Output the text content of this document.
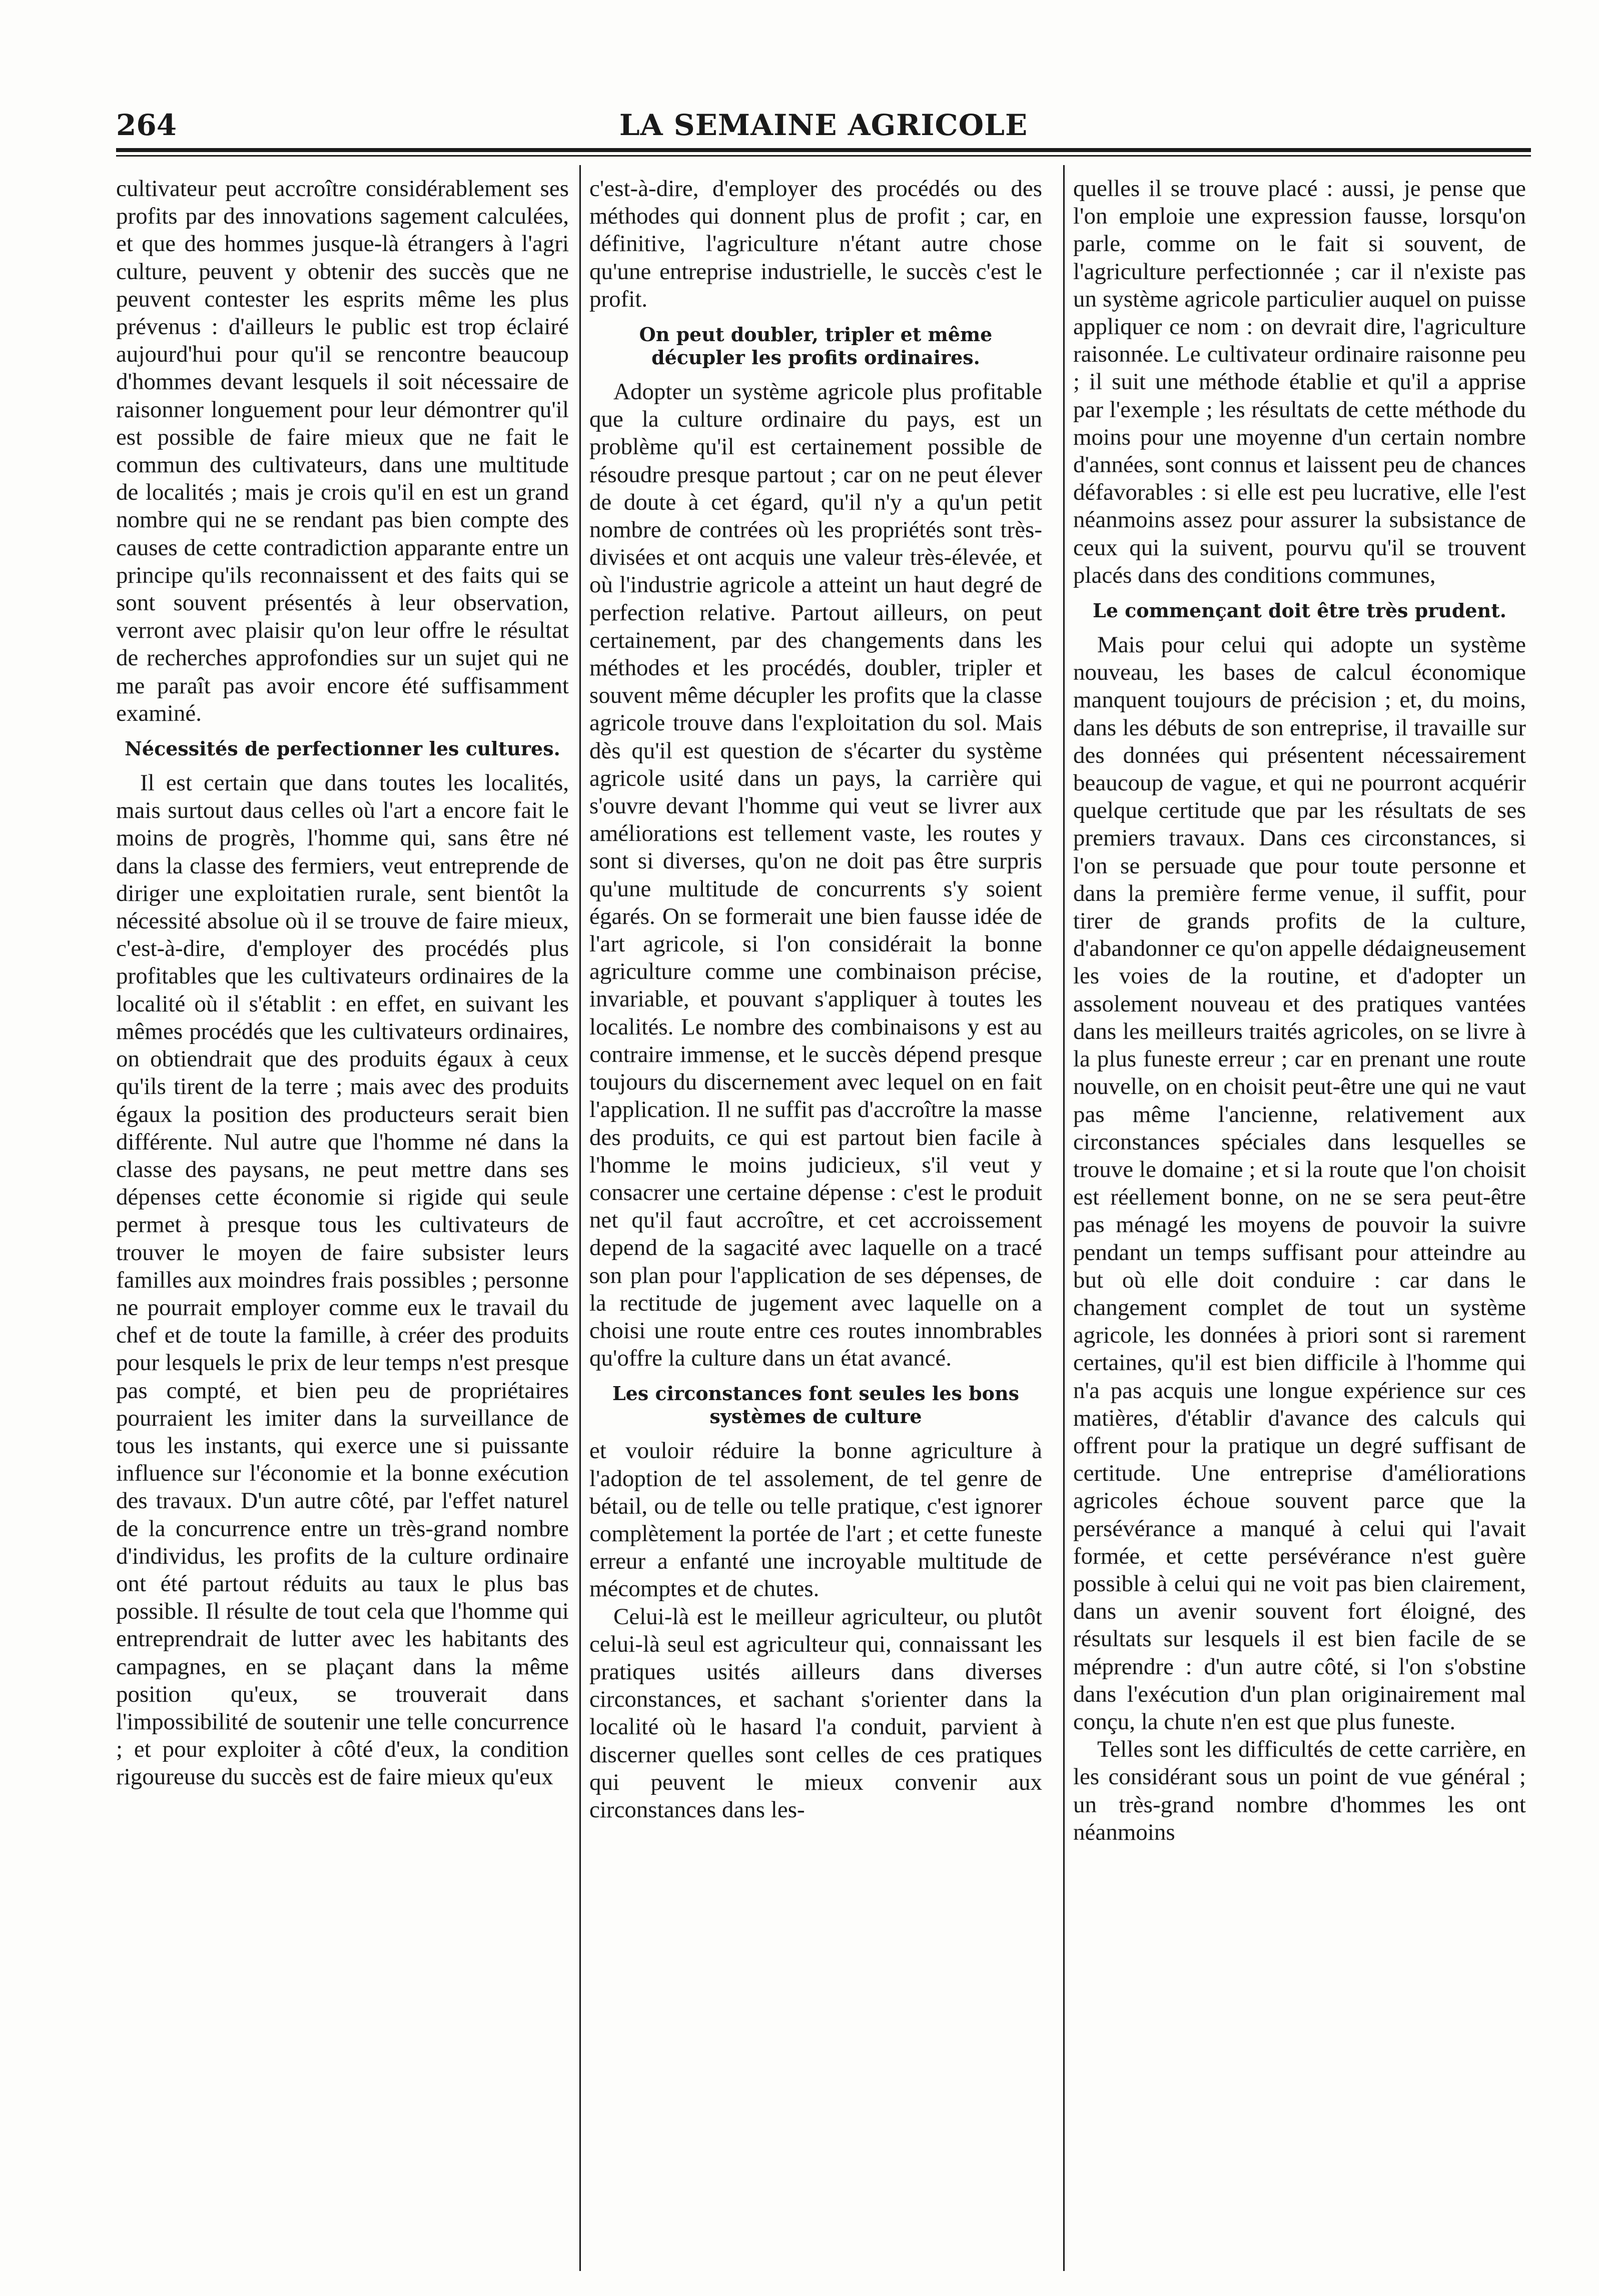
264	LA SEMAINE AGRICOLE

cultivateur peut accroître considérablement ses profits par des innovations sagement calculées, et que des hommes jusque-là étrangers à l'agri culture, peuvent y obtenir des succès que ne peuvent contester les esprits même les plus prévenus : d'ailleurs le public est trop éclairé aujourd'hui pour qu'il se rencontre beaucoup d'hommes devant lesquels il soit nécessaire de raisonner longuement pour leur démontrer qu'il est possible de faire mieux que ne fait le commun des cultivateurs, dans une multitude de localités ; mais je crois qu'il en est un grand nombre qui ne se rendant pas bien compte des causes de cette contradiction apparante entre un principe qu'ils reconnaissent et des faits qui se sont souvent présentés à leur observation, verront avec plaisir qu'on leur offre le résultat de recherches approfondies sur un sujet qui ne me paraît pas avoir encore été suffisamment examiné.

Nécessités de perfectionner les cultures.

Il est certain que dans toutes les localités, mais surtout daus celles où l'art a encore fait le moins de progrès, l'homme qui, sans être né dans la classe des fermiers, veut entreprende de diriger une exploitatien rurale, sent bientôt la nécessité absolue où il se trouve de faire mieux, c'est-à-dire, d'employer des procédés plus profitables que les cultivateurs ordinaires de la localité où il s'établit : en effet, en suivant les mêmes procédés que les cultivateurs ordinaires, on obtiendrait que des produits égaux à ceux qu'ils tirent de la terre ; mais avec des produits égaux la position des producteurs serait bien différente. Nul autre que l'homme né dans la classe des paysans, ne peut mettre dans ses dépenses cette économie si rigide qui seule permet à presque tous les cultivateurs de trouver le moyen de faire subsister leurs familles aux moindres frais possibles ; personne ne pourrait employer comme eux le travail du chef et de toute la famille, à créer des produits pour lesquels le prix de leur temps n'est presque pas compté, et bien peu de propriétaires pourraient les imiter dans la surveillance de tous les instants, qui exerce une si puissante influence sur l'économie et la bonne exécution des travaux. D'un autre côté, par l'effet naturel de la concurrence entre un très-grand nombre d'individus, les profits de la culture ordinaire ont été partout réduits au taux le plus bas possible. Il résulte de tout cela que l'homme qui entreprendrait de lutter avec les habitants des campagnes, en se plaçant dans la même position qu'eux, se trouverait dans l'impossibilité de soutenir une telle concurrence ; et pour exploiter à côté d'eux, la condition rigoureuse du succès est de faire mieux qu'eux

c'est-à-dire, d'employer des procédés ou des méthodes qui donnent plus de profit ; car, en définitive, l'agriculture n'étant autre chose qu'une entreprise industrielle, le succès c'est le profit.

On peut doubler, tripler et même décupler les profits ordinaires.

Adopter un système agricole plus profitable que la culture ordinaire du pays, est un problème qu'il est certainement possible de résoudre presque partout ; car on ne peut élever de doute à cet égard, qu'il n'y a qu'un petit nombre de contrées où les propriétés sont très-divisées et ont acquis une valeur très-élevée, et où l'industrie agricole a atteint un haut degré de perfection relative. Partout ailleurs, on peut certainement, par des changements dans les méthodes et les procédés, doubler, tripler et souvent même décupler les profits que la classe agricole trouve dans l'exploitation du sol. Mais dès qu'il est question de s'écarter du système agricole usité dans un pays, la carrière qui s'ouvre devant l'homme qui veut se livrer aux améliorations est tellement vaste, les routes y sont si diverses, qu'on ne doit pas être surpris qu'une multitude de concurrents s'y soient égarés. On se formerait une bien fausse idée de l'art agricole, si l'on considérait la bonne agriculture comme une combinaison précise, invariable, et pouvant s'appliquer à toutes les localités. Le nombre des combinaisons y est au contraire immense, et le succès dépend presque toujours du discernement avec lequel on en fait l'application. Il ne suffit pas d'accroître la masse des produits, ce qui est partout bien facile à l'homme le moins judicieux, s'il veut y consacrer une certaine dépense : c'est le produit net qu'il faut accroître, et cet accroissement depend de la sagacité avec laquelle on a tracé son plan pour l'application de ses dépenses, de la rectitude de jugement avec laquelle on a choisi une route entre ces routes innombrables qu'offre la culture dans un état avancé.

Les circonstances font seules les bons systèmes de culture

et vouloir réduire la bonne agriculture à l'adoption de tel assolement, de tel genre de bétail, ou de telle ou telle pratique, c'est ignorer complètement la portée de l'art ; et cette funeste erreur a enfanté une incroyable multitude de mécomptes et de chutes.

Celui-là est le meilleur agriculteur, ou plutôt celui-là seul est agriculteur qui, connaissant les pratiques usités ailleurs dans diverses circonstances, et sachant s'orienter dans la localité où le hasard l'a conduit, parvient à discerner quelles sont celles de ces pratiques qui peuvent le mieux convenir aux circonstances dans les-

quelles il se trouve placé : aussi, je pense que l'on emploie une expression fausse, lorsqu'on parle, comme on le fait si souvent, de l'agriculture perfectionnée ; car il n'existe pas un système agricole particulier auquel on puisse appliquer ce nom : on devrait dire, l'agriculture raisonnée. Le cultivateur ordinaire raisonne peu ; il suit une méthode établie et qu'il a apprise par l'exemple ; les résultats de cette méthode du moins pour une moyenne d'un certain nombre d'années, sont connus et laissent peu de chances défavorables : si elle est peu lucrative, elle l'est néanmoins assez pour assurer la subsistance de ceux qui la suivent, pourvu qu'il se trouvent placés dans des conditions communes,

Le commençant doit être très prudent.

Mais pour celui qui adopte un système nouveau, les bases de calcul économique manquent toujours de précision ; et, du moins, dans les débuts de son entreprise, il travaille sur des données qui présentent nécessairement beaucoup de vague, et qui ne pourront acquérir quelque certitude que par les résultats de ses premiers travaux. Dans ces circonstances, si l'on se persuade que pour toute personne et dans la première ferme venue, il suffit, pour tirer de grands profits de la culture, d'abandonner ce qu'on appelle dédaigneusement les voies de la routine, et d'adopter un assolement nouveau et des pratiques vantées dans les meilleurs traités agricoles, on se livre à la plus funeste erreur ; car en prenant une route nouvelle, on en choisit peut-être une qui ne vaut pas même l'ancienne, relativement aux circonstances spéciales dans lesquelles se trouve le domaine ; et si la route que l'on choisit est réellement bonne, on ne se sera peut-être pas ménagé les moyens de pouvoir la suivre pendant un temps suffisant pour atteindre au but où elle doit conduire : car dans le changement complet de tout un système agricole, les données à priori sont si rarement certaines, qu'il est bien difficile à l'homme qui n'a pas acquis une longue expérience sur ces matières, d'établir d'avance des calculs qui offrent pour la pratique un degré suffisant de certitude. Une entreprise d'améliorations agricoles échoue souvent parce que la persévérance a manqué à celui qui l'avait formée, et cette persévérance n'est guère possible à celui qui ne voit pas bien clairement, dans un avenir souvent fort éloigné, des résultats sur lesquels il est bien facile de se méprendre : d'un autre côté, si l'on s'obstine dans l'exécution d'un plan originairement mal conçu, la chute n'en est que plus funeste.

Telles sont les difficultés de cette carrière, en les considérant sous un point de vue général ; un très-grand nombre d'hommes les ont néanmoins
